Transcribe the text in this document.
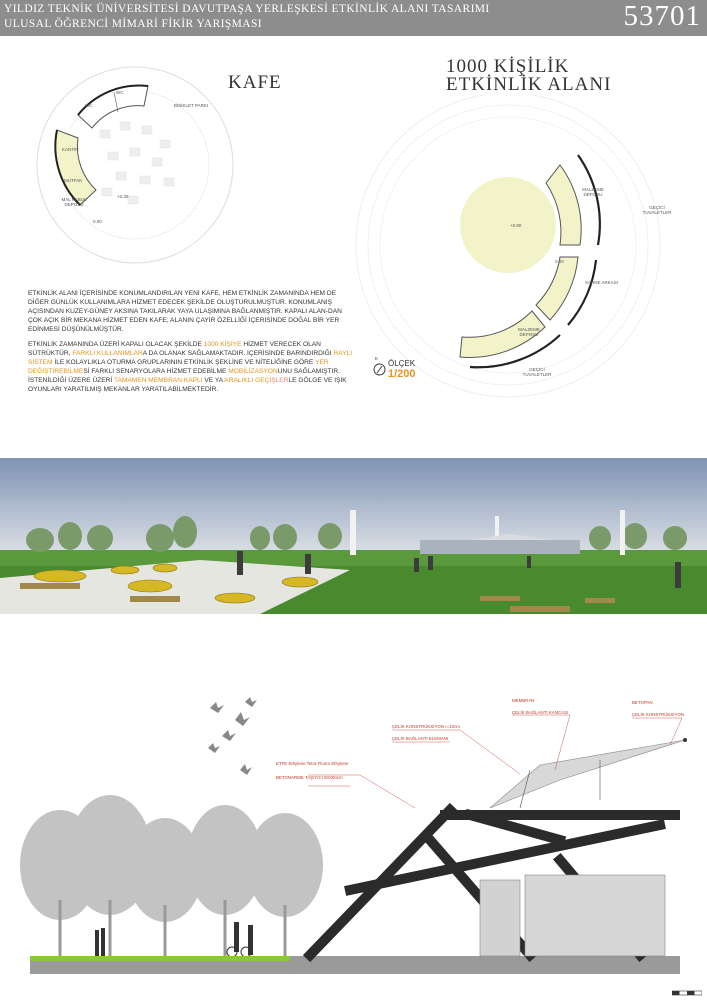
YILDIZ TEKNİK ÜNİVERSİTESİ DAVUTPAŞA YERLEŞKESİ ETKİNLİK ALANI TASARIMI
ULUSAL ÖĞRENCİ MİMARİ FİKİR YARIŞMASI	53701
WC
WC
BİSİKLET PARKI
KANTİN
MUTFAK
MAL KABUL DEPOSU
+0.30
0.00
KAFE
1000 KİŞİLİK
ETKİNLİK ALANI
MALZEME DEPOSU
GEÇİCİ TUVALETLER
SAHNE ARKASI
MALZEME DEPOSU
GEÇİCİ TUVALETLER
+0.80
0.00
ETKİNLİK ALANI İÇERİSİNDE KONUMLANDIRILAN YENİ KAFE, HEM ETKİNLİK ZAMANINDA HEM DE DİĞER GÜNLÜK KULLANIMLARA HİZMET EDECEK ŞEKİLDE OLUŞTURULMUŞTUR. KONUMLANIŞ AÇISINDAN KUZEY-GÜNEY AKSINA TAKILARAK YAYA ULAŞIMINA BAĞLANMIŞTIR. KAPALI ALAN-DAN ÇOK AÇIK BİR MEKANA HİZMET EDEN KAFE; ALANIN ÇAYIR ÖZELLİĞİ İÇERİSİNDE DOĞAL BİR YER EDİNMESİ DÜŞÜNÜLMÜŞTÜR.
ETKİNLİK ZAMANINDA ÜZERİ KAPALI OLACAK ŞEKİLDE 1000 KİŞİYE HİZMET VERECEK OLAN SÜTRÜKTÜR, FARKLI KULLANIMLARA DA OLANAK SAĞLAMAKTADIR. İÇERİSİNDE BARINDIRDIĞI RAYLI SİSTEM İLE KOLAYLIKLA OTURMA GRUPLARININ ETKİNLİK ŞEKLİNE VE NİTELİĞİNE GÖRE YER DEĞİŞTİREBİLMESİ FARKLI SENARYOLARA HİZMET EDEBİLME MOBİLİZASYONUNU SAĞLAMIŞTIR. İSTENİLDİĞİ ÜZERE ÜZERİ TAMAMEN MEMBRAN KAPLI VE YA ARALIKLI GEÇİŞLERLE GÖLGE VE IŞIK OYUNLARI YARATILMIŞ MEKANLAR YARATILABİLMEKTEDİR.
K
ÖLÇEK
1/200
ETFE Ethylene Tetra Fluoro Ethylene
BETONARME TAŞIYICI 50X50cm
ÇELİK KONSTRÜKSİYON r=10cm
ÇELİK BAĞLANTI ELEMANI
MEMBRAN
ÇELİK BAĞLANTI KANCASI
BETOPAN
ÇELİK KONSTRÜKSİYON
